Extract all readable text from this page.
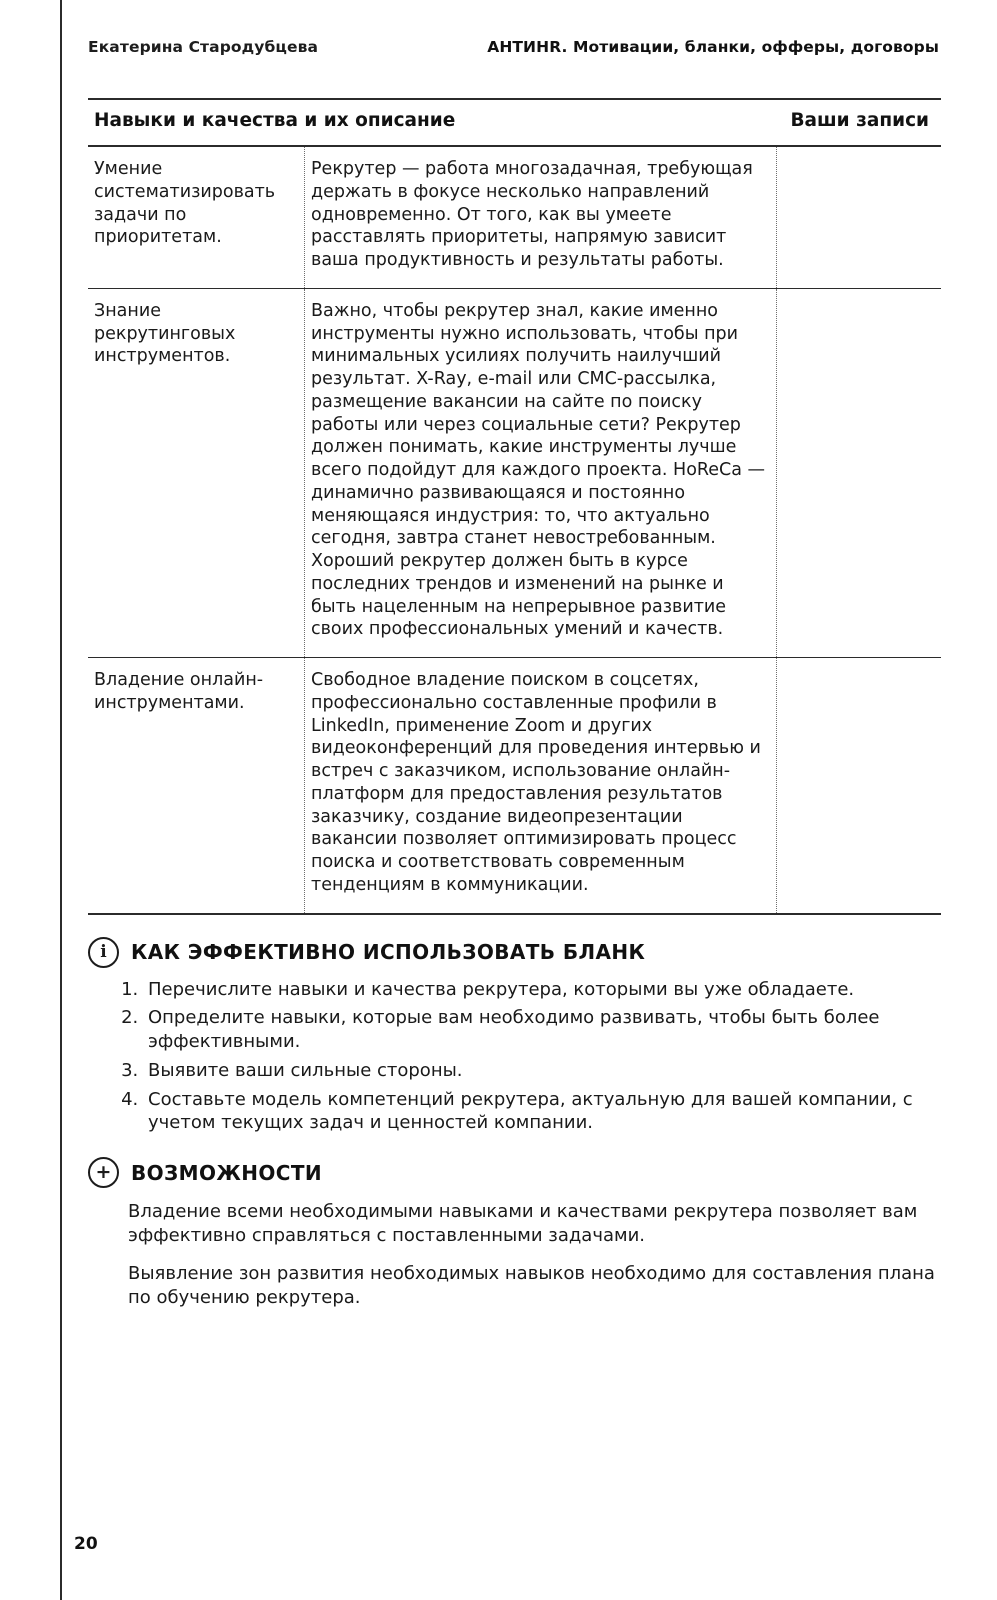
Екатерина Стародубцева	АНТИHR. Мотивации, бланки, офферы, договоры
Навыки и качества и их описание		Ваши записи
Умение систематизировать задачи по приоритетам.	Рекрутер — работа многозадачная, требующая держать в фокусе несколько направлений одновременно. От того, как вы умеете расставлять приоритеты, напрямую зависит ваша продуктивность и результаты работы.	
Знание рекрутинговых инструментов.	Важно, чтобы рекрутер знал, какие именно инструменты нужно использовать, чтобы при минимальных усилиях получить наилучший результат. X-Ray, e-mail или СМС-рассылка, размещение вакансии на сайте по поиску работы или через социальные сети? Рекрутер должен понимать, какие инструменты лучше всего подойдут для каждого проекта. HoReCa — динамично развивающаяся и постоянно меняющаяся индустрия: то, что актуально сегодня, завтра станет невостребованным. Хороший рекрутер должен быть в курсе последних трендов и изменений на рынке и быть нацеленным на непрерывное развитие своих профессиональных умений и качеств.	
Владение онлайн-инструментами.	Свободное владение поиском в соцсетях, профессионально составленные профили в LinkedIn, применение Zoom и других видеоконференций для проведения интервью и встреч с заказчиком, использование онлайн-платформ для предоставления результатов заказчику, создание видеопрезентации вакансии позволяет оптимизировать процесс поиска и соответствовать современным тенденциям в коммуникации.	
i	КАК ЭФФЕКТИВНО ИСПОЛЬЗОВАТЬ БЛАНК
1. Перечислите навыки и качества рекрутера, которыми вы уже обладаете.
2. Определите навыки, которые вам необходимо развивать, чтобы быть более эффективными.
3. Выявите ваши сильные стороны.
4. Составьте модель компетенций рекрутера, актуальную для вашей компании, с учетом текущих задач и ценностей компании.
+ ВОЗМОЖНОСТИ

Владение всеми необходимыми навыками и качествами рекрутера позволяет вам эффективно справляться с поставленными задачами.

Выявление зон развития необходимых навыков необходимо для составления плана по обучению рекрутера.

20
